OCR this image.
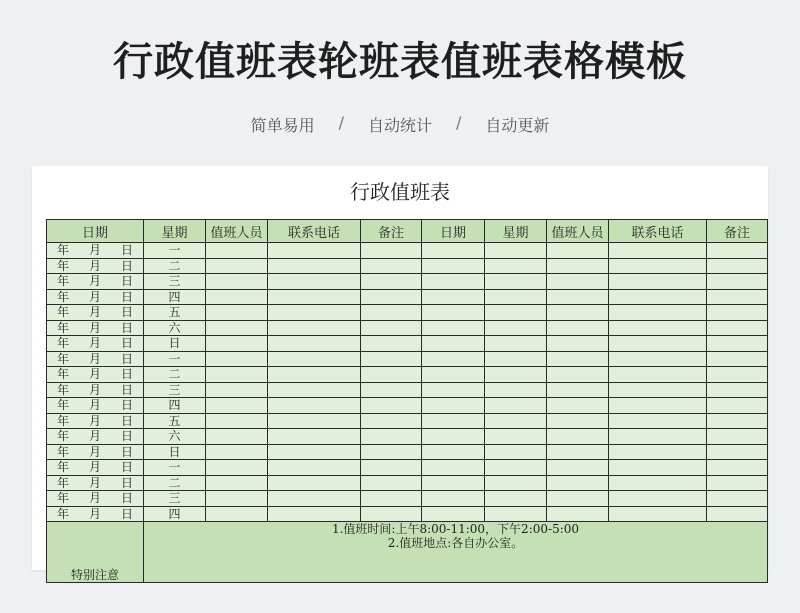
行政值班表轮班表值班表格模板
简单易用	/	自动统计	/	自动更新
行政值班表
日期	星期	值班人员	联系电话	备注	日期	星期	值班人员	联系电话	备注
年 月 日	一								
年 月 日	二								
年 月 日	三								
年 月 日	四								
年 月 日	五								
年 月 日	六								
年 月 日	日								
年 月 日	一								
年 月 日	二								
年 月 日	三								
年 月 日	四								
年 月 日	五								
年 月 日	六								
年 月 日	日								
年 月 日	一								
年 月 日	二								
年 月 日	三								
年 月 日	四								
特别注意	1.值班时间:上午8:00-11:00，下午2:00-5:00
2.值班地点:各自办公室。								
